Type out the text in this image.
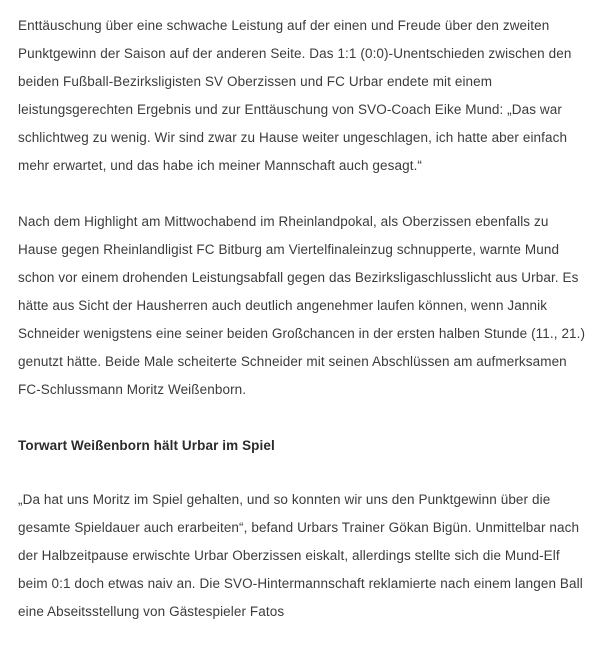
Enttäuschung über eine schwache Leistung auf der einen und Freude über den zweiten Punktgewinn der Saison auf der anderen Seite. Das 1:1 (0:0)-Unentschieden zwischen den beiden Fußball-Bezirksligisten SV Oberzissen und FC Urbar endete mit einem leistungsgerechten Ergebnis und zur Enttäuschung von SVO-Coach Eike Mund: „Das war schlichtweg zu wenig. Wir sind zwar zu Hause weiter ungeschlagen, ich hatte aber einfach mehr erwartet, und das habe ich meiner Mannschaft auch gesagt.“

Nach dem Highlight am Mittwochabend im Rheinlandpokal, als Oberzissen ebenfalls zu Hause gegen Rheinlandligist FC Bitburg am Viertelfinaleinzug schnupperte, warnte Mund schon vor einem drohenden Leistungsabfall gegen das Bezirksligaschlusslicht aus Urbar. Es hätte aus Sicht der Hausherren auch deutlich angenehmer laufen können, wenn Jannik Schneider wenigstens eine seiner beiden Großchancen in der ersten halben Stunde (11., 21.) genutzt hätte. Beide Male scheiterte Schneider mit seinen Abschlüssen am aufmerksamen FC-Schlussmann Moritz Weißenborn.

Torwart Weißenborn hält Urbar im Spiel

„Da hat uns Moritz im Spiel gehalten, und so konnten wir uns den Punktgewinn über die gesamte Spieldauer auch erarbeiten“, befand Urbars Trainer Gökan Bigün. Unmittelbar nach der Halbzeitpause erwischte Urbar Oberzissen eiskalt, allerdings stellte sich die Mund-Elf beim 0:1 doch etwas naiv an. Die SVO-Hintermannschaft reklamierte nach einem langen Ball eine Abseitsstellung von Gästespieler Fatos
